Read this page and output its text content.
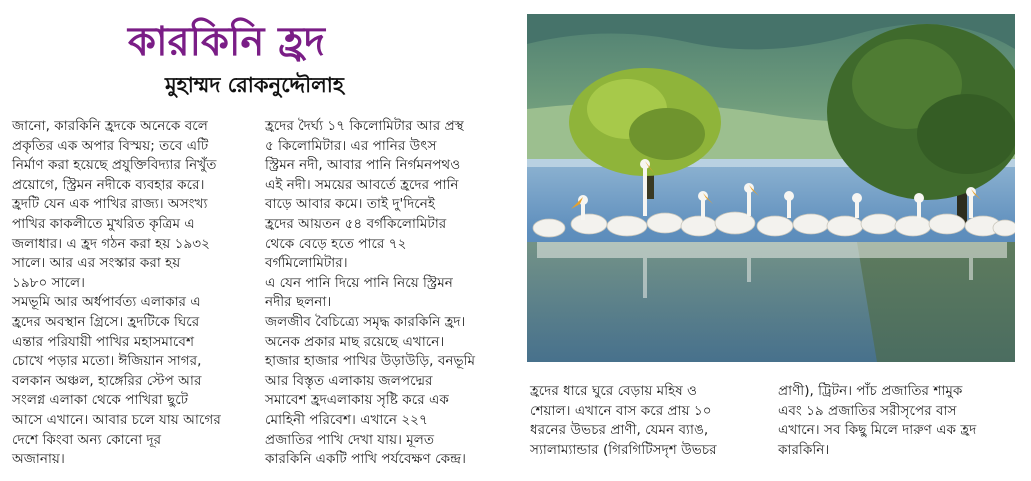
কারকিনি হ্রদ
মুহাম্মদ রোকনুদ্দৌলাহ

জানো, কারকিনি হ্রদকে অনেকে বলে

প্রকৃতির এক অপার বিস্ময়; তবে এটি

নির্মাণ করা হয়েছে প্রযুক্তিবিদ্যার নিখুঁত

প্রয়োগে, স্ট্রিমন নদীকে ব্যবহার করে।

হ্রদটি যেন এক পাখির রাজ্য। অসংখ্য

পাখির কাকলীতে মুখরিত কৃত্রিম এ

জলাধার। এ হ্রদ গঠন করা হয় ১৯৩২

সালে। আর এর সংস্কার করা হয়

১৯৮০ সালে।

সমভূমি আর অর্ধপার্বত্য এলাকার এ

হ্রদের অবস্থান গ্রিসে। হ্রদটিকে ঘিরে

এন্তার পরিযায়ী পাখির মহাসমাবেশ

চোখে পড়ার মতো। ঈজিয়ান সাগর,

বলকান অঞ্চল, হাঙ্গেরির স্টেপ আর

সংলগ্ন এলাকা থেকে পাখিরা ছুটে

আসে এখানে। আবার চলে যায় আগের

দেশে কিংবা অন্য কোনো দূর

অজানায়।

হ্রদের দৈর্ঘ্য ১৭ কিলোমিটার আর প্রস্থ

৫ কিলোমিটার। এর পানির উৎস

স্ট্রিমন নদী, আবার পানি নির্গমনপথও

এই নদী। সময়ের আবর্তে হ্রদের পানি

বাড়ে আবার কমে। তাই দু'দিনেই

হ্রদের আয়তন ৫৪ বর্গকিলোমিটার

থেকে বেড়ে হতে পারে ৭২

বর্গমিলোমিটার।

এ যেন পানি দিয়ে পানি নিয়ে স্ট্রিমন

নদীর ছলনা।

জলজীব বৈচিত্র্যে সমৃদ্ধ কারকিনি হ্রদ।

অনেক প্রকার মাছ রয়েছে এখানে।

হাজার হাজার পাখির উড়াউড়ি, বনভূমি

আর বিস্তৃত এলাকায় জলপদ্মের

সমাবেশ হ্রদএলাকায় সৃষ্টি করে এক

মোহিনী পরিবেশ। এখানে ২২৭

প্রজাতির পাখি দেখা যায়। মূলত

কারকিনি একটি পাখি পর্যবেক্ষণ কেন্দ্র।

হ্রদের ধারে ঘুরে বেড়ায় মহিষ ও

শেয়াল। এখানে বাস করে প্রায় ১০

ধরনের উভচর প্রাণী, যেমন ব্যাঙ,

স্যালাম্যান্ডার (গিরগিটিসদৃশ উভচর

প্রাণী), ট্রিটন। পাঁচ প্রজাতির শামুক

এবং ১৯ প্রজাতির সরীসৃপের বাস

এখানে। সব কিছু মিলে দারুণ এক হ্রদ

কারকিনি।
